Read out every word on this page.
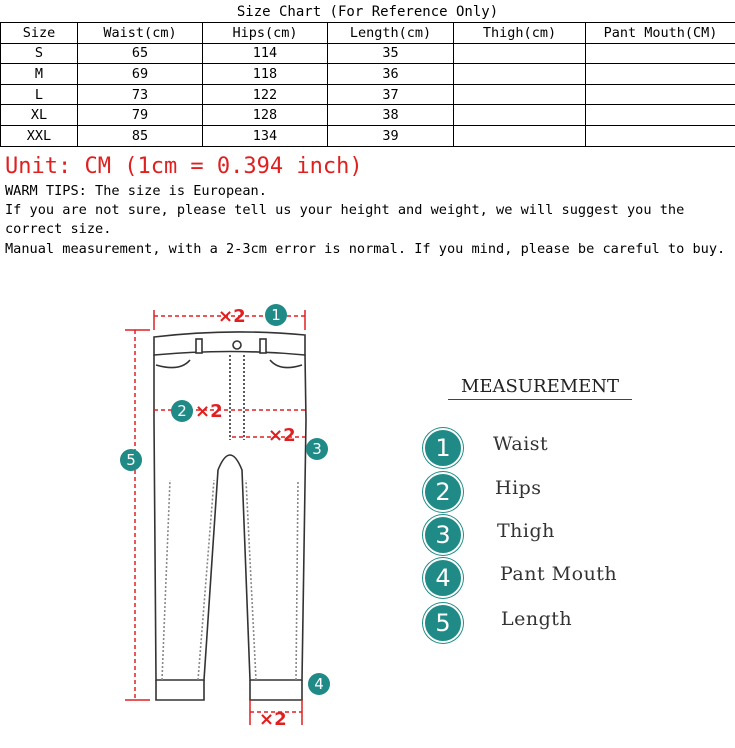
Size Chart (For Reference Only)
Size	Waist(cm)	Hips(cm)	Length(cm)	Thigh(cm)	Pant Mouth(CM)
S	65	114	35		
M	69	118	36		
L	73	122	37		
XL	79	128	38		
XXL	85	134	39		
Unit: CM (1cm = 0.394 inch)

WARM TIPS: The size is European.

If you are not sure, please tell us your height and weight, we will suggest you the correct size.

Manual measurement, with a 2-3cm error is normal. If you mind, please be careful to buy.

×2
×2
×2
×2
1
2
3
4
5
MEASUREMENT
1	Waist
2	Hips
3	Thigh
4	Pant Mouth
5	Length
